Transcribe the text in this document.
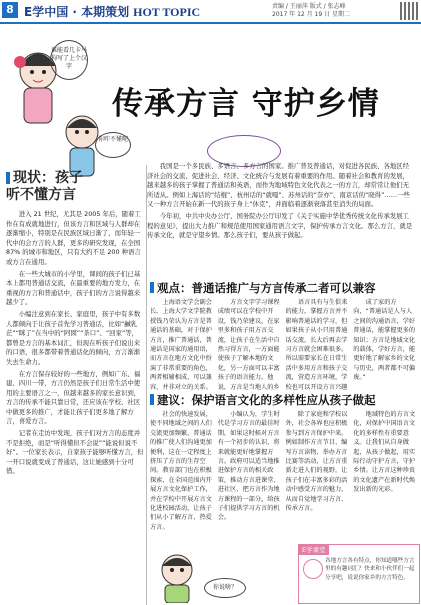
8 E学中国 · 本期策划 HOT TOPIC	责编 / 王丽萍 版式 / 张志峰
2017 年 12 月 19 日 星期二
谁能看几卡马狗写了上个汉字
你咋不懂呢
传承方言 守护乡情

我国是一个多民族、多语言、多方言的国家。推广普及普通话，对促进各民族、各地区经济社会的交流、促进社会、经济、文化统合与发展有着重要的作用。随着社会和教育的发展，越来越多的孩子掌握了普通话和英语，而作为地域特色文化代表之一的方言，却常常让他们无所适从。例如上海话的“结棍”、杭州话的“就嘎”、苏州话的“奈亦”、南京话的“晓得”……一些又一种方言开始在新一代的孩子身上“休克”，并面临着逐渐衰落甚至消失的局面。

今年初，中共中央办公厅、国务院办公厅印发了《关于实施中华优秀传统文化传承发展工程的意见》，提出大力推广和规范使用国家通用语言文字，保护传承方言文化。那么方言，就是传承文化，就是守望乡情。那么孩子们，要从孩子做起。

现状：孩子听不懂方言

进入 21 世纪，尤其是 2005 年后，随着工作在有成就地进行，但该方言和区域与人群却在逐渐缩小，特别是在民族区域日渐了，而年轻一代中的会方言的人群，更多的研究发现，在全国 87% 的城市和地区，只有大约不足 200 种语言或方言在通用。

在一些大城市的小学里，课间的孩子们已基本上都用普通话交流，在最重要的地方发力，在重视的方言和普通话中，孩子们的方言说得越来越少了。

小编注意到在家长、家庭里，孩子中有多数人都倾向于让孩子首先学习普通话，比如“鹹乳茫”“眯了”在当中的“阿囡”“茶口”、“回家”等，都曾是方言的基本词汇，但现在听孩子们说出来的口语，很多都带着普通话化的倾向，方言渐渐失去生命力。

在方言保存较好的一些地方，例如广东、福建、四川一带，方言仍然是孩子们日常生活中使用的主要语言之一，但越来越多的家长意识到，方言的传承不能只靠日常，还应该在学校、社区中做更多的推广，才能让孩子们更多地了解方言，喜爱方言。

记者在走访中发现，孩子们对方言的态度并不是拒绝，而是“听得懂但不会说”“能说但说不好”。一位家长表示，自家孩子能够听懂方言，但一开口说就变成了普通话，这让她感到十分可惜。

观点：普通话推广与方言传承二者可以兼容

上海语文学会副会长、上海大学文学院教授钱乃荣认为方言是普通话的基础，对于保护方言，推广普通话，普通话是国家的通用语，而方言在地方文化中扮演了非常重要的角色，两者相辅相成、可以兼容，并非对立的关系。

方言文字学习课程成绩可以在学校中开设，钱乃荣建议，在家里多和孩子用方言交流，让孩子在生活中自然习得方言，一方面能使孩子了解本地的文化，另一方面可以丰富孩子的语言能力。他说，方言是当地人的乡

语言具有与生俱来的能力，掌握方言并不影响普通话的学习，但如果孩子从小只用普通话交流，长大后再去学习方言就会困难很多。所以需要家长在日常生活中多用方言和孩子交流，营造方言环境，学校也可以开设方言兴趣

成了家的方向，“普通话是人与人之间的沟通语言，学好普通话，能掌握更多的知识；方言是地域文化的载体，学好方言，能更好地了解家乡的文化与历史，两者都不可偏废。”

建议：保护语言文化的多样性应从孩子做起

社会的快速发展，使不同地域之间的人们交流更加频繁，普通话的推广使人们沟通更加便利，这在一定程度上挤压了方言的生存空间。教育部门也在积极探索，在全国范围内开展方言文化保护工作，并在学校中开展方言文化进校园活动，让孩子们从小了解方言、热爱方言。

小编认为，学生时代是学习方言的最佳时期，如果这时候对方言有一个初步的认识，将来就能更好地掌握方言。政府可以适当地推进保护方言的相关政策，推动方言进课堂、进社区，把方言作为地方课程的一部分，给孩子们提供学习方言的机会。

除了家庭和学校以外，社会各界也应积极参与到方言保护中来。例如制作方言节目、编写方言读物、举办方言比赛等活动，让方言重新走进人们的视野，让孩子们在丰富多彩的活动中感受方言的魅力，从而自觉地学习方言、传承方言。

地域特色的方言文化，对保护中国语言文化的多样性有重要意义。让我们从自身做起，从孩子做起，用实际行动守护方言，守护乡情。让方言这种珍贵的文化遗产在新时代焕发出新的光彩。

你说啥？
E学课堂
各地方言各有特点，你知道哪些方言里的有趣词汇？快来和小伙伴们一起分享吧，说说你家乡的方言特色。
